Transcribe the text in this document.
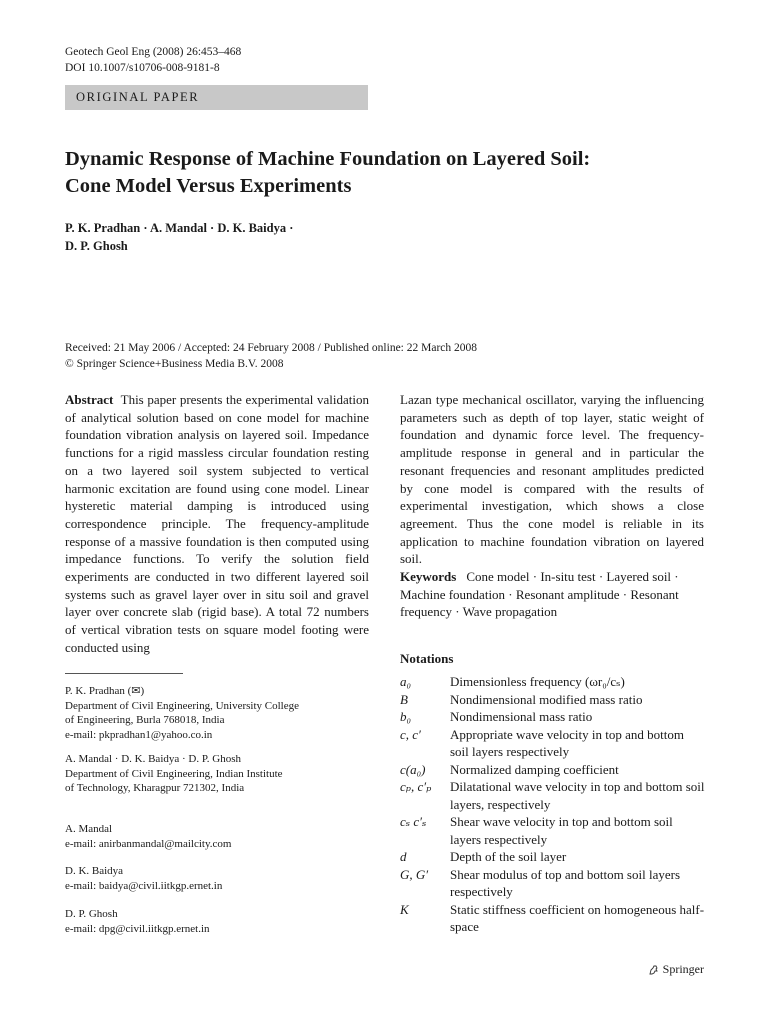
Geotech Geol Eng (2008) 26:453–468
DOI 10.1007/s10706-008-9181-8
ORIGINAL PAPER
Dynamic Response of Machine Foundation on Layered Soil:
Cone Model Versus Experiments
P. K. Pradhan · A. Mandal · D. K. Baidya ·
D. P. Ghosh
Received: 21 May 2006 / Accepted: 24 February 2008 / Published online: 22 March 2008
© Springer Science+Business Media B.V. 2008
Abstract This paper presents the experimental validation of analytical solution based on cone model for machine foundation vibration analysis on layered soil. Impedance functions for a rigid massless circular foundation resting on a two layered soil system subjected to vertical harmonic excitation are found using cone model. Linear hysteretic material damping is introduced using correspondence principle. The frequency-amplitude response of a massive foundation is then computed using impedance functions. To verify the solution field experiments are conducted in two different layered soil systems such as gravel layer over in situ soil and gravel layer over concrete slab (rigid base). A total 72 numbers of vertical vibration tests on square model footing were conducted using
Lazan type mechanical oscillator, varying the influencing parameters such as depth of top layer, static weight of foundation and dynamic force level. The frequency-amplitude response in general and in particular the resonant frequencies and resonant amplitudes predicted by cone model is compared with the results of experimental investigation, which shows a close agreement. Thus the cone model is reliable in its application to machine foundation vibration on layered soil.
P. K. Pradhan (✉)
Department of Civil Engineering, University College
of Engineering, Burla 768018, India
e-mail: pkpradhan1@yahoo.co.in
A. Mandal · D. K. Baidya · D. P. Ghosh
Department of Civil Engineering, Indian Institute
of Technology, Kharagpur 721302, India
A. Mandal
e-mail: anirbanmandal@mailcity.com
D. K. Baidya
e-mail: baidya@civil.iitkgp.ernet.in
D. P. Ghosh
e-mail: dpg@civil.iitkgp.ernet.in
Keywords Cone model · In-situ test · Layered soil · Machine foundation · Resonant amplitude · Resonant frequency · Wave propagation
Notations
a₀	Dimensionless frequency (ωr₀/cₛ)
B	Nondimensional modified mass ratio
b₀	Nondimensional mass ratio
c, c′	Appropriate wave velocity in top and bottom soil layers respectively
c(a₀)	Normalized damping coefficient
cₚ, c′ₚ	Dilatational wave velocity in top and bottom soil layers, respectively
cₛ c′ₛ	Shear wave velocity in top and bottom soil layers respectively
d	Depth of the soil layer
G, G′	Shear modulus of top and bottom soil layers respectively
K	Static stiffness coefficient on homogeneous half-space
Springer
